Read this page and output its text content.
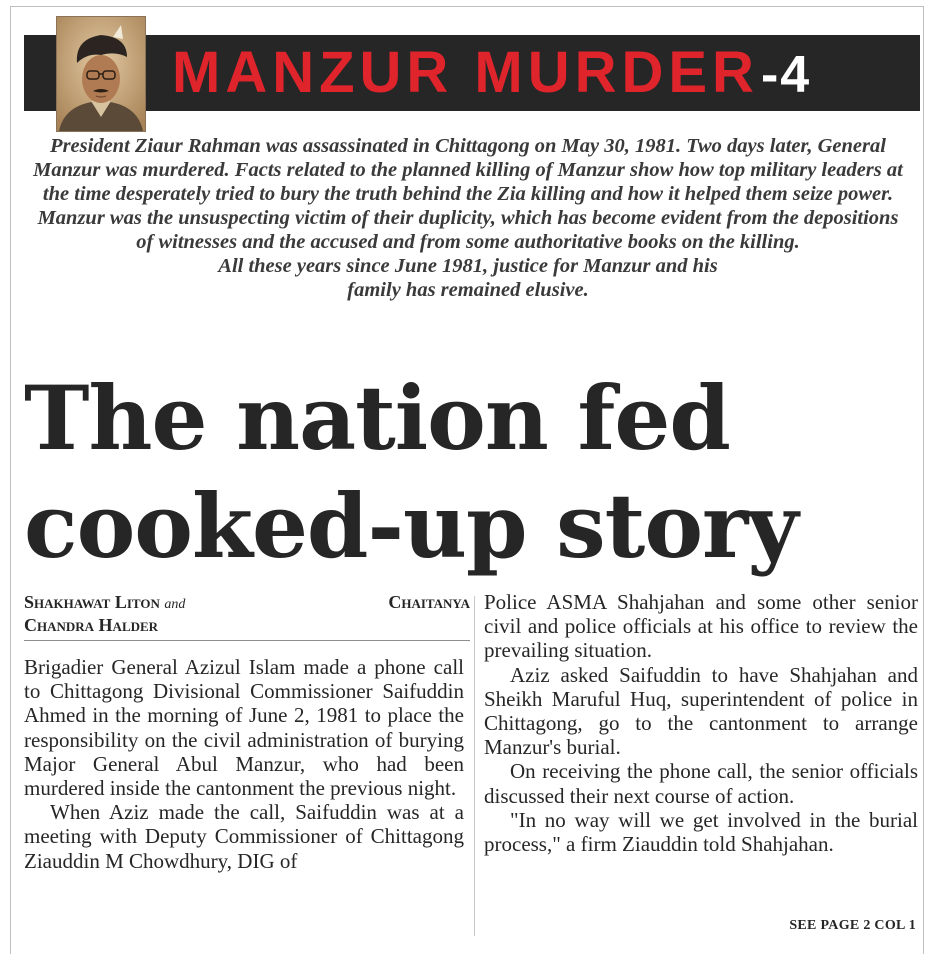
MANZUR MURDER-4

President Ziaur Rahman was assassinated in Chittagong on May 30, 1981. Two days later, General Manzur was murdered. Facts related to the planned killing of Manzur show how top military leaders at the time desperately tried to bury the truth behind the Zia killing and how it helped them seize power. Manzur was the unsuspecting victim of their duplicity, which has become evident from the depositions of witnesses and the accused and from some authoritative books on the killing.

All these years since June 1981, justice for Manzur and his family has remained elusive.

The nation fed
cooked-up story
Shakhawat Liton and	Chaitanya
Chandra Halder

Brigadier General Azizul Islam made a phone call to Chittagong Divisional Commissioner Saifuddin Ahmed in the morning of June 2, 1981 to place the responsibility on the civil administration of burying Major General Abul Manzur, who had been murdered inside the cantonment the previous night.

When Aziz made the call, Saifuddin was at a meeting with Deputy Commissioner of Chittagong Ziauddin M Chowdhury, DIG of

Police ASMA Shahjahan and some other senior civil and police officials at his office to review the prevailing situation.

Aziz asked Saifuddin to have Shahjahan and Sheikh Maruful Huq, superintendent of police in Chittagong, go to the cantonment to arrange Manzur's burial.

On receiving the phone call, the senior officials discussed their next course of action.

"In no way will we get involved in the burial process," a firm Ziauddin told Shahjahan.

SEE PAGE 2 COL 1
